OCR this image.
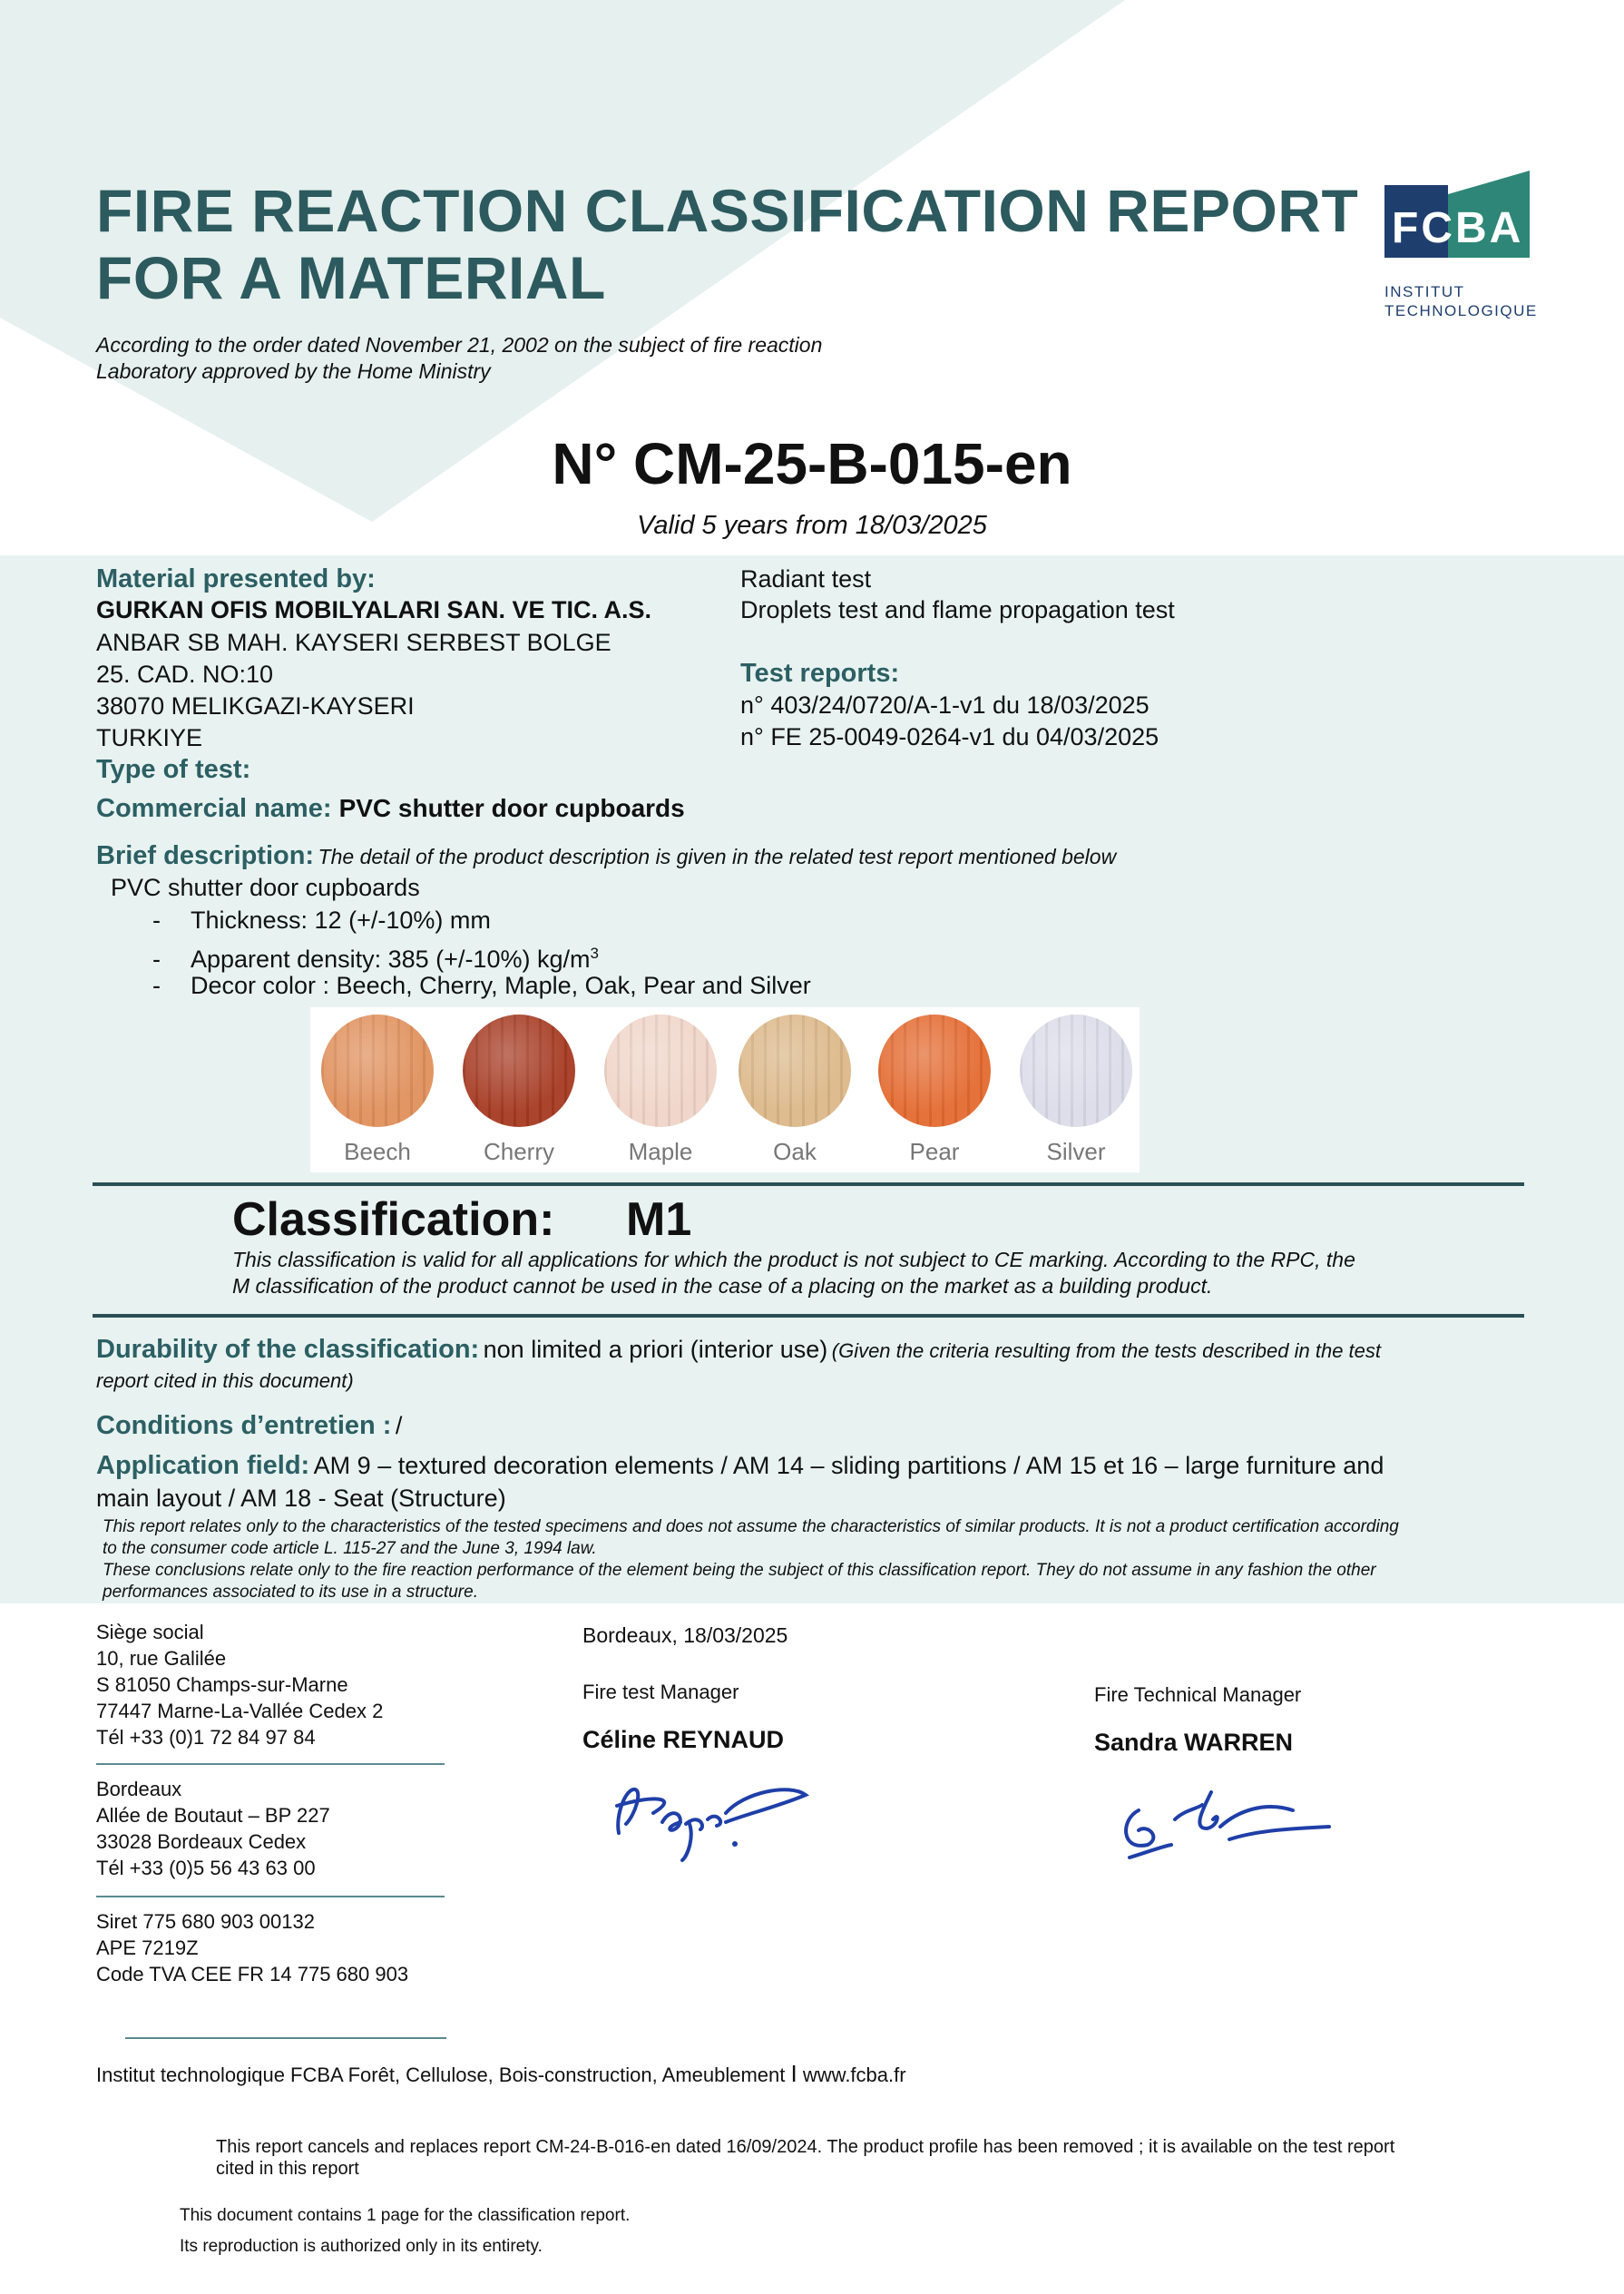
FIRE REACTION CLASSIFICATION REPORT
FOR A MATERIAL
According to the order dated November 21, 2002 on the subject of fire reaction
Laboratory approved by the Home Ministry
FCBA
INSTITUT
TECHNOLOGIQUE
N° CM-25-B-015-en
Valid 5 years from 18/03/2025
Material presented by:
GURKAN OFIS MOBILYALARI SAN. VE TIC. A.S.
ANBAR SB MAH. KAYSERI SERBEST BOLGE
25. CAD. NO:10
38070 MELIKGAZI-KAYSERI
TURKIYE
Type of test:
Radiant test
Droplets test and flame propagation test
Test reports:
n° 403/24/0720/A-1-v1 du 18/03/2025
n° FE 25-0049-0264-v1 du 04/03/2025
Commercial name: PVC shutter door cupboards
Brief description: The detail of the product description is given in the related test report mentioned below
PVC shutter door cupboards
- Thickness: 12 (+/-10%) mm
- Apparent density: 385 (+/-10%) $kg/m^3$
- Decor color : Beech, Cherry, Maple, Oak, Pear and Silver
Beech	Cherry	Maple	Oak	Pear	Silver
Classification: M1
This classification is valid for all applications for which the product is not subject to CE marking. According to the RPC, the
M classification of the product cannot be used in the case of a placing on the market as a building product.
Durability of the classification: non limited a priori (interior use) (Given the criteria resulting from the tests described in the test
report cited in this document)
Conditions d’entretien : /
Application field: AM 9 – textured decoration elements / AM 14 – sliding partitions / AM 15 et 16 – large furniture and
main layout / AM 18 - Seat (Structure)
This report relates only to the characteristics of the tested specimens and does not assume the characteristics of similar products. It is not a product certification according
to the consumer code article L. 115-27 and the June 3, 1994 law.
These conclusions relate only to the fire reaction performance of the element being the subject of this classification report. They do not assume in any fashion the other
performances associated to its use in a structure.
Siège social
10, rue Galilée
S 81050 Champs-sur-Marne
77447 Marne-La-Vallée Cedex 2
Tél +33 (0)1 72 84 97 84
Bordeaux
Allée de Boutaut – BP 227
33028 Bordeaux Cedex
Tél +33 (0)5 56 43 63 00
Siret 775 680 903 00132
APE 7219Z
Code TVA CEE FR 14 775 680 903
Bordeaux, 18/03/2025
Fire test Manager
Céline REYNAUD
Fire Technical Manager
Sandra WARREN
Institut technologique FCBA Forêt, Cellulose, Bois-construction, Ameublement I www.fcba.fr
This report cancels and replaces report CM-24-B-016-en dated 16/09/2024. The product profile has been removed ; it is available on the test report
cited in this report
This document contains 1 page for the classification report.
Its reproduction is authorized only in its entirety.
